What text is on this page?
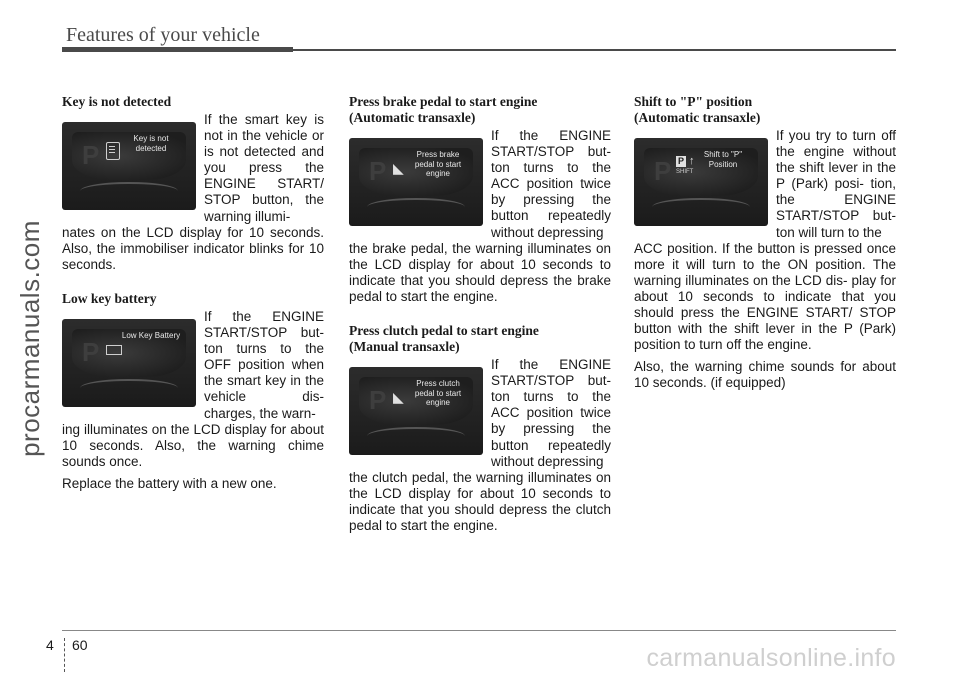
Features of your vehicle
procarmanuals.com
Key is not detected
P
Key is not detected
If the smart key is not in the vehicle or is not detected and you press the ENGINE START/ STOP button, the warning illumi-

nates on the LCD display for 10 seconds. Also, the immobiliser indicator blinks for 10 seconds.

Low key battery
P
Low Key Battery
If the ENGINE START/STOP but- ton turns to the OFF position when the smart key in the vehicle dis- charges, the warn-

ing illuminates on the LCD display for about 10 seconds. Also, the warning chime sounds once.

Replace the battery with a new one.

Press brake pedal to start engine
(Automatic transaxle)
P ◣
Press brake pedal to start engine
If the ENGINE START/STOP but- ton turns to the ACC position twice by pressing the button repeatedly without depressing

the brake pedal, the warning illuminates on the LCD display for about 10 seconds to indicate that you should depress the brake pedal to start the engine.

Press clutch pedal to start engine
(Manual transaxle)
P ◣
Press clutch pedal to start engine
If the ENGINE START/STOP but- ton turns to the ACC position twice by pressing the button repeatedly without depressing

the clutch pedal, the warning illuminates on the LCD display for about 10 seconds to indicate that you should depress the clutch pedal to start the engine.

Shift to "P" position
(Automatic transaxle)
P P ↑
SHIFT
Shift to "P" Position
If you try to turn off the engine without the shift lever in the P (Park) posi- tion, the ENGINE START/STOP but- ton will turn to the

ACC position. If the button is pressed once more it will turn to the ON position. The warning illuminates on the LCD dis- play for about 10 seconds to indicate that you should press the ENGINE START/ STOP button with the shift lever in the P (Park) position to turn off the engine.

Also, the warning chime sounds for about 10 seconds. (if equipped)

4 60	carmanualsonline.info
